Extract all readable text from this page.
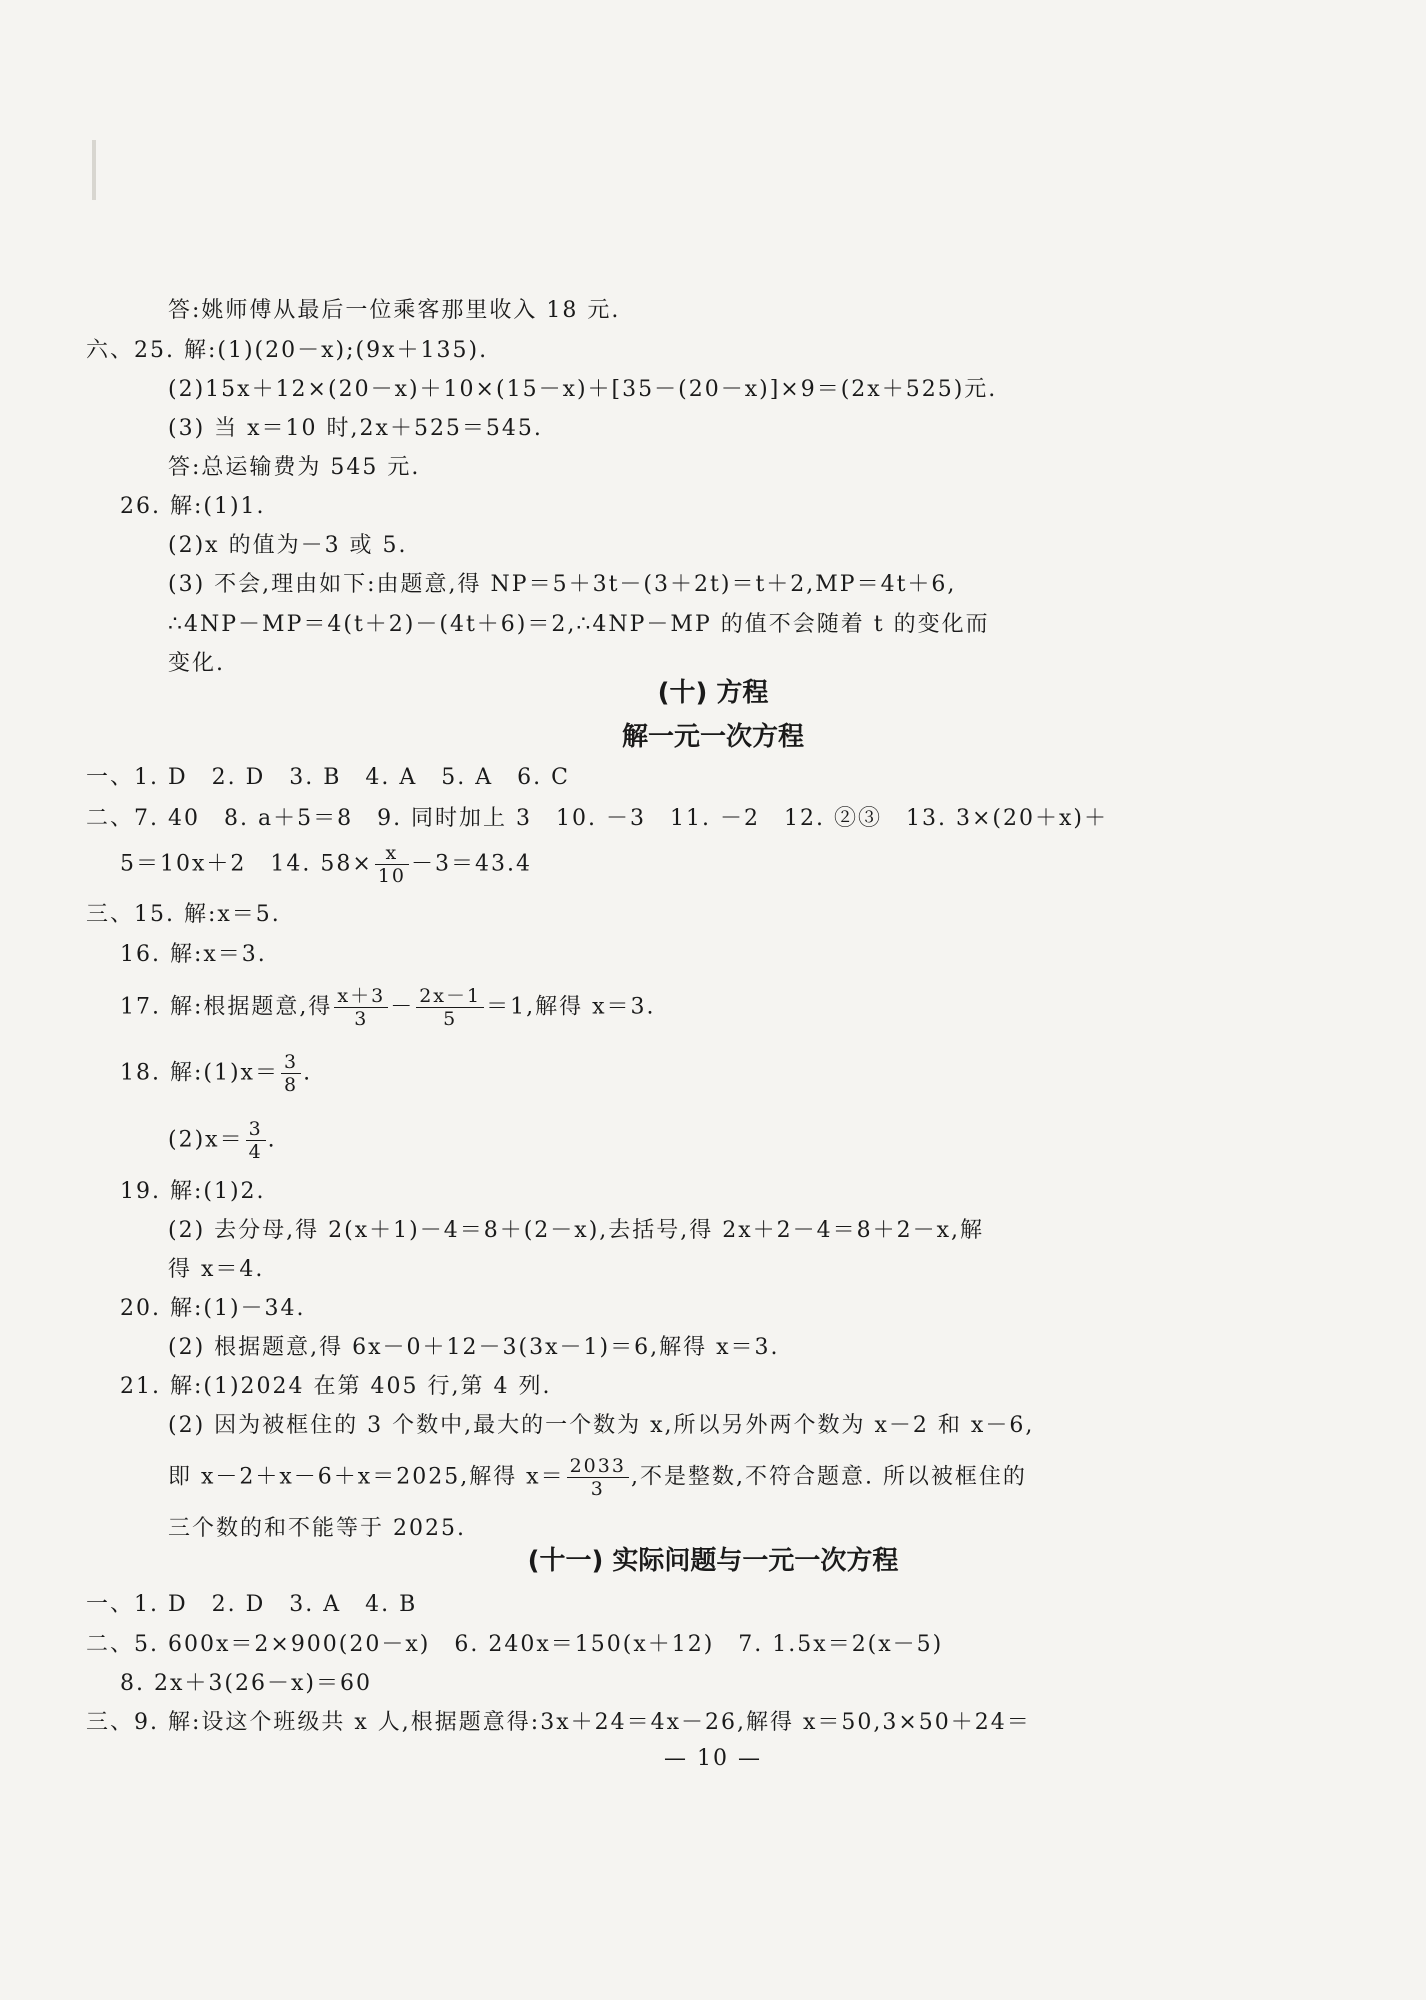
答:姚师傅从最后一位乘客那里收入 18 元.
六、25. 解:(1)(20－x);(9x＋135).
(2)15x＋12×(20－x)＋10×(15－x)＋[35－(20－x)]×9＝(2x＋525)元.
(3) 当 x＝10 时,2x＋525＝545.
答:总运输费为 545 元.
26. 解:(1)1.
(2)x 的值为－3 或 5.
(3) 不会,理由如下:由题意,得 NP＝5＋3t－(3＋2t)＝t＋2,MP＝4t＋6,
∴4NP－MP＝4(t＋2)－(4t＋6)＝2,∴4NP－MP 的值不会随着 t 的变化而
变化.
(十) 方程
解一元一次方程
一、1. D　2. D　3. B　4. A　5. A　6. C
二、7. 40　8. a＋5＝8　9. 同时加上 3　10. －3　11. －2　12. ②③　13. 3×(20＋x)＋
5＝10x＋2　14. $58\times \frac{x}{10} -3=43.4$
三、15. 解:x＝5.
16. 解:x＝3.
17. 解:根据题意,得 $\frac{x+3}{3} - \frac{2x-1}{5} =1$,解得 x＝3.
18. 解:(1)x＝ $\frac{3}{8}$ .
$(2)x= \frac{3}{4}$ .
19. 解:(1)2.
(2) 去分母,得 2(x＋1)－4＝8＋(2－x),去括号,得 2x＋2－4＝8＋2－x,解
得 x＝4.
20. 解:(1)－34.
(2) 根据题意,得 6x－0＋12－3(3x－1)＝6,解得 x＝3.
21. 解:(1)2024 在第 405 行,第 4 列.
(2) 因为被框住的 3 个数中,最大的一个数为 x,所以另外两个数为 x－2 和 x－6,
即 x－2＋x－6＋x＝2025,解得 $x= \frac{2033}{3}$ ,不是整数,不符合题意. 所以被框住的
三个数的和不能等于 2025.
(十一) 实际问题与一元一次方程
一、1. D　2. D　3. A　4. B
二、5. 600x＝2×900(20－x)　6. 240x＝150(x＋12)　7. 1.5x＝2(x－5)
8. 2x＋3(26－x)＝60
三、9. 解:设这个班级共 x 人,根据题意得:3x＋24＝4x－26,解得 x＝50,3×50＋24＝
— 10 —
